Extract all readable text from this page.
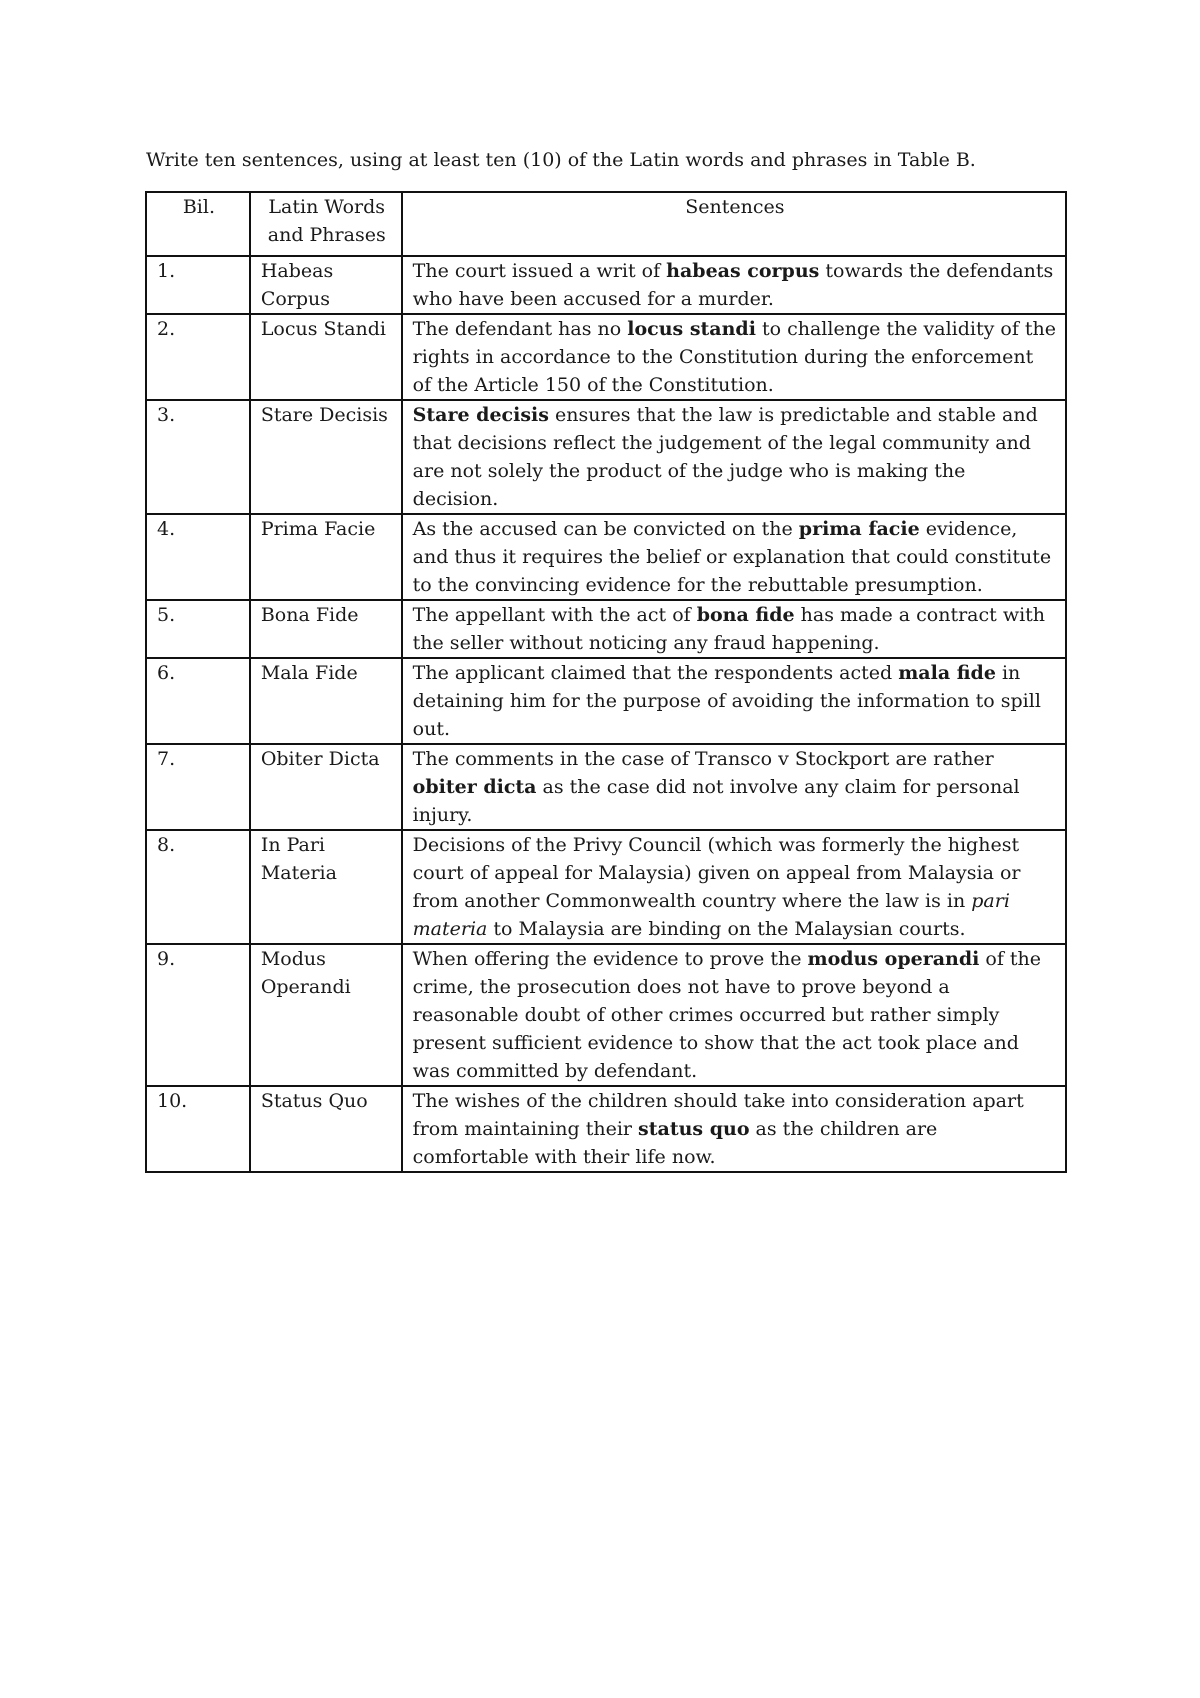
Write ten sentences, using at least ten (10) of the Latin words and phrases in Table B.
Bil.	Latin Words and Phrases	Sentences
1.	Habeas Corpus	The court issued a writ of habeas corpus towards the defendants who have been accused for a murder.
2.	Locus Standi	The defendant has no locus standi to challenge the validity of the rights in accordance to the Constitution during the enforcement of the Article 150 of the Constitution.
3.	Stare Decisis	Stare decisis ensures that the law is predictable and stable and that decisions reflect the judgement of the legal community and are not solely the product of the judge who is making the decision.
4.	Prima Facie	As the accused can be convicted on the prima facie evidence, and thus it requires the belief or explanation that could constitute to the convincing evidence for the rebuttable presumption.
5.	Bona Fide	The appellant with the act of bona fide has made a contract with the seller without noticing any fraud happening.
6.	Mala Fide	The applicant claimed that the respondents acted mala fide in detaining him for the purpose of avoiding the information to spill out.
7.	Obiter Dicta	The comments in the case of Transco v Stockport are rather obiter dicta as the case did not involve any claim for personal injury.
8.	In Pari Materia	Decisions of the Privy Council (which was formerly the highest court of appeal for Malaysia) given on appeal from Malaysia or from another Commonwealth country where the law is in pari materia to Malaysia are binding on the Malaysian courts.
9.	Modus Operandi	When offering the evidence to prove the modus operandi of the crime, the prosecution does not have to prove beyond a reasonable doubt of other crimes occurred but rather simply present sufficient evidence to show that the act took place and was committed by defendant.
10.	Status Quo	The wishes of the children should take into consideration apart from maintaining their status quo as the children are comfortable with their life now.
